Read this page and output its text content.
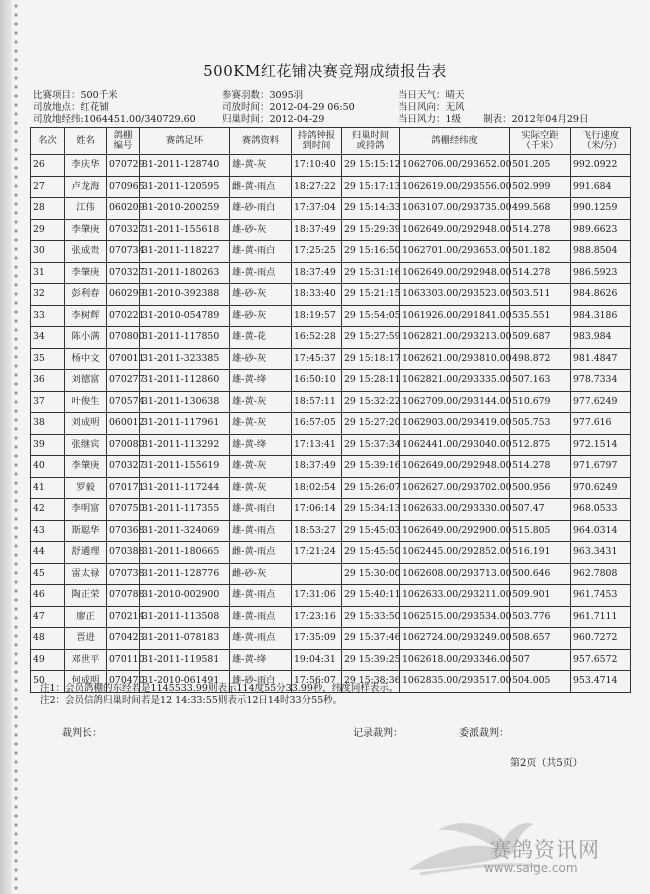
500KM红花铺决赛竞翔成绩报告表
比赛项目：500千米
司放地点：红花铺
司放地经纬:1064451.00/340729.60
参赛羽数：3095羽
司放时间：2012-04-29 06:50
归巢时间：2012-04-29
当日天气：晴天
当日风向：无风
当日风力：1级 制表：2012年04月29日
名次	姓名	鸽棚编号	赛鸽足环	赛鸽资料	持鸽钟报到时间	归巢时间或持鸽	鸽棚经纬度	实际空距（千米）	飞行速度（米/分）

26	李庆华	070729	31-2011-128740	雄-黄-灰	17:10:40	29 15:15:12	1062706.00/293652.00	501.205	992.0922
27	卢龙海	070965	31-2011-120595	雌-黄-雨点	18:27:22	29 15:17:13	1062619.00/293556.00	502.999	991.684
28	江伟	060209	31-2010-200259	雄-砂-雨白	17:37:04	29 15:14:33	1063107.00/293735.00	499.568	990.1259
29	李肇庚	070327	31-2011-155618	雄-砂-灰	18:37:49	29 15:29:39	1062649.00/292948.00	514.278	989.6623
30	张成贵	070734	31-2011-118227	雄-黄-雨白	17:25:25	29 15:16:50	1062701.00/293653.00	501.182	988.8504
31	李肇庚	070327	31-2011-180263	雄-黄-雨点	18:37:49	29 15:31:16	1062649.00/292948.00	514.278	986.5923
32	彭利春	060299	31-2010-392388	雄-砂-灰	18:33:40	29 15:21:15	1063303.00/293523.00	503.511	984.8626
33	李树辉	070221	31-2010-054789	雄-砂-灰	18:19:57	29 15:54:05	1061926.00/291841.00	535.551	984.3186
34	陈小满	070800	31-2011-117850	雄-黄-花	16:52:28	29 15:27:59	1062821.00/293213.00	509.687	983.984
35	杨中文	070011	31-2011-323385	雄-砂-灰	17:45:37	29 15:18:17	1062621.00/293810.00	498.872	981.4847
36	刘德富	070277	31-2011-112860	雄-黄-绛	16:50:10	29 15:28:11	1062821.00/293335.00	507.163	978.7334
37	叶俊生	070574	31-2011-130638	雄-黄-灰	18:57:11	29 15:32:22	1062709.00/293144.00	510.679	977.6249
38	刘成明	060012	31-2011-117961	雄-黄-灰	16:57:05	29 15:27:20	1062903.00/293419.00	505.753	977.616
39	张继宾	070080	31-2011-113292	雄-黄-绛	17:13:41	29 15:37:34	1062441.00/293040.00	512.875	972.1514
40	李肇庚	070327	31-2011-155619	雄-黄-灰	18:37:49	29 15:39:16	1062649.00/292948.00	514.278	971.6797
41	罗毅	070171	31-2011-117244	雄-黄-灰	18:02:54	29 15:26:07	1062627.00/293702.00	500.956	970.6249
42	李明富	070750	31-2011-117355	雄-黄-雨白	17:06:14	29 15:34:13	1062633.00/293330.00	507.47	968.0533
43	斯聪华	070368	31-2011-324069	雄-黄-雨点	18:53:27	29 15:45:03	1062649.00/292900.00	515.805	964.0314
44	舒遹理	070388	31-2011-180665	雌-黄-雨点	17:21:24	29 15:45:50	1062445.00/292852.00	516.191	963.3431
45	雷太禄	070738	31-2011-128776	雌-砂-灰		29 15:30:00	1062608.00/293713.00	500.646	962.7808
46	陶正荣	070788	31-2010-002900	雄-黄-雨点	17:31:06	29 15:40:11	1062633.00/293211.00	509.901	961.7453
47	廖正	070214	31-2011-113508	雄-黄-雨点	17:23:16	29 15:33:50	1062515.00/293534.00	503.776	961.7111
48	晋进	070423	31-2011-078183	雄-黄-雨点	17:35:09	29 15:37:46	1062724.00/293249.00	508.657	960.7272
49	邓世平	070110	31-2011-119581	雄-黄-绛	19:04:31	29 15:39:25	1062618.00/293346.00	507	957.6572
50	何成明	070470	31-2010-061491	雄-砂-雨白	17:56:07	29 15:38:36	1062835.00/293517.00	504.005	953.4714
注1：会员鸽棚的东经若是1145533.99则表示114度55分33.99秒，纬度同样表示。
注2：会员信鸽归巢时间若是12 14:33:55则表示12日14时33分55秒。
裁判长：	记录裁判：	委派裁判：
第2页（共5页）
赛鸽资讯网
www.saige.com
